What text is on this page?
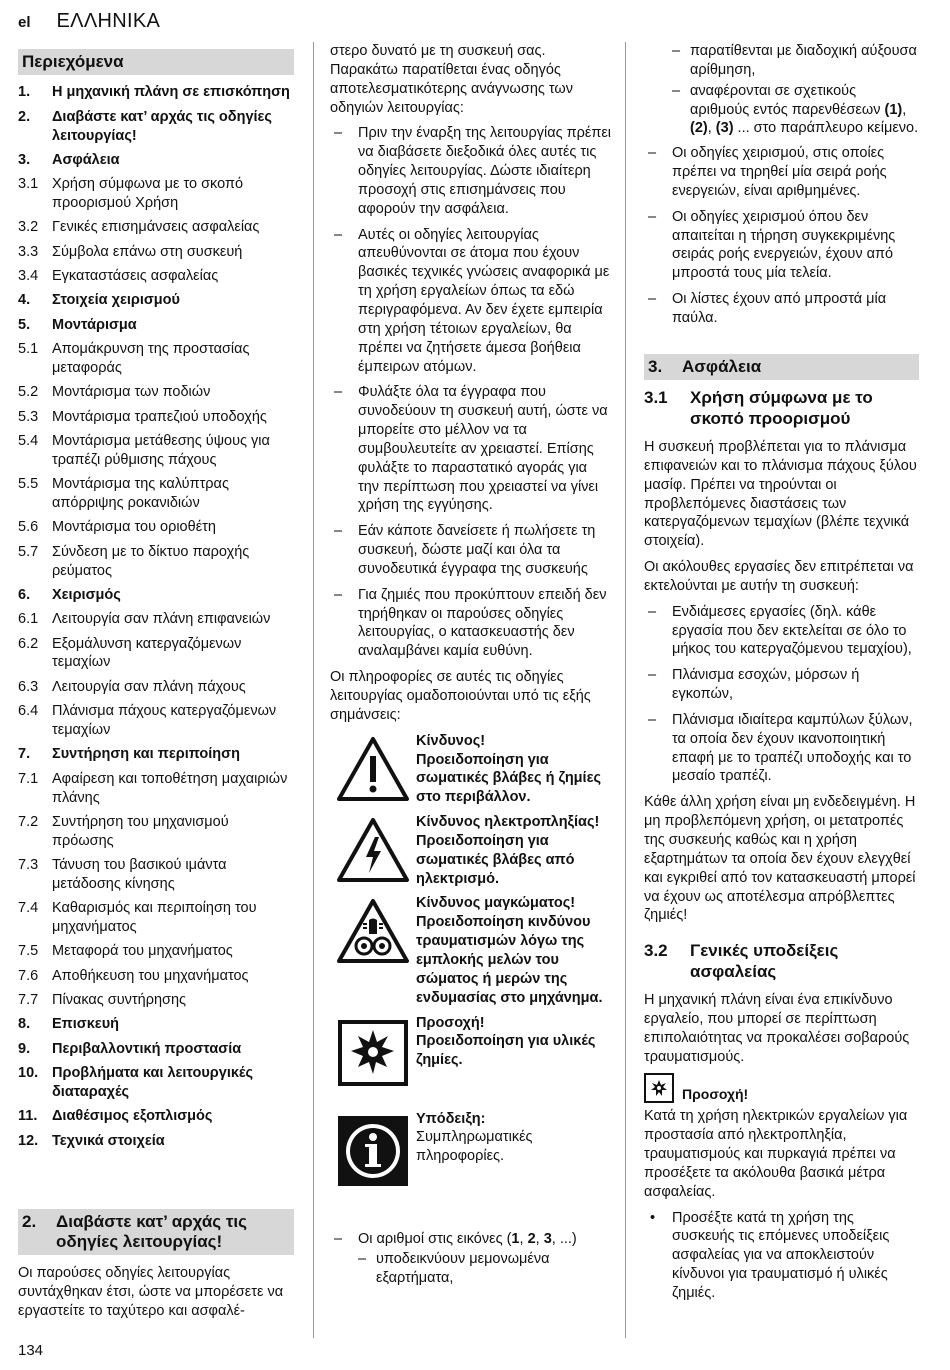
el ΕΛΛΗΝΙΚΑ
Περιεχόμενα
1.	Η μηχανική πλάνη σε επισκόπηση
2.	Διαβάστε κατ’ αρχάς τις οδηγίες λειτουργίας!
3.	Ασφάλεια
3.1 Χρήση σύμφωνα με το σκοπό προορισμού Χρήση
3.2 Γενικές επισημάνσεις ασφαλείας
3.3 Σύμβολα επάνω στη συσκευή
3.4 Εγκαταστάσεις ασφαλείας
4.	Στοιχεία χειρισμού
5.	Μοντάρισμα
5.1 Απομάκρυνση της προστασίας μεταφοράς
5.2 Μοντάρισμα των ποδιών
5.3 Μοντάρισμα τραπεζιού υποδοχής
5.4 Μοντάρισμα μετάθεσης ύψους για τραπέζι ρύθμισης πάχους
5.5 Μοντάρισμα της καλύπτρας απόρριψης ροκανιδιών
5.6 Μοντάρισμα του οριοθέτη
5.7 Σύνδεση με το δίκτυο παροχής ρεύματος
6.	Χειρισμός
6.1 Λειτουργία σαν πλάνη επιφανειών
6.2 Εξομάλυνση κατεργαζόμενων τεμαχίων
6.3 Λειτουργία σαν πλάνη πάχους
6.4 Πλάνισμα πάχους κατεργαζόμενων τεμαχίων
7.	Συντήρηση και περιποίηση
7.1 Αφαίρεση και τοποθέτηση μαχαιριών πλάνης
7.2 Συντήρηση του μηχανισμού πρόωσης
7.3 Τάνυση του βασικού ιμάντα μετάδοσης κίνησης
7.4 Καθαρισμός και περιποίηση του μηχανήματος
7.5 Μεταφορά του μηχανήματος
7.6 Αποθήκευση του μηχανήματος
7.7 Πίνακας συντήρησης
8.	Επισκευή
9.	Περιβαλλοντική προστασία
10. Προβλήματα και λειτουργικές διαταραχές
11.	Διαθέσιμος εξοπλισμός
12. Τεχνικά στοιχεία
2.	Διαβάστε κατ’ αρχάς τις οδηγίες λειτουργίας!

Οι παρούσες οδηγίες λειτουργίας συντάχθηκαν έτσι, ώστε να μπορέσετε να εργαστείτε το ταχύτερο και ασφαλέ-

στερο δυνατό με τη συσκευή σας. Παρακάτω παρατίθεται ένας οδηγός αποτελεσματικότερης ανάγνωσης των οδηγιών λειτουργίας:

– Πριν την έναρξη της λειτουργίας πρέπει να διαβάσετε διεξοδικά όλες αυτές τις οδηγίες λειτουργίας. Δώστε ιδιαίτερη προσοχή στις επισημάνσεις που αφορούν την ασφάλεια.
– Αυτές οι οδηγίες λειτουργίας απευθύνονται σε άτομα που έχουν βασικές τεχνικές γνώσεις αναφορικά με τη χρήση εργαλείων όπως τα εδώ περιγραφόμενα. Αν δεν έχετε εμπειρία στη χρήση τέτοιων εργαλείων, θα πρέπει να ζητήσετε άμεσα βοήθεια έμπειρων ατόμων.
– Φυλάξτε όλα τα έγγραφα που συνοδεύουν τη συσκευή αυτή, ώστε να μπορείτε στο μέλλον να τα συμβουλευτείτε αν χρειαστεί. Επίσης φυλάξτε το παραστατικό αγοράς για την περίπτωση που χρειαστεί να γίνει χρήση της εγγύησης.
– Εάν κάποτε δανείσετε ή πωλήσετε τη συσκευή, δώστε μαζί και όλα τα συνοδευτικά έγγραφα της συσκευής
– Για ζημιές που προκύπτουν επειδή δεν τηρήθηκαν οι παρούσες οδηγίες λειτουργίας, ο κατασκευαστής δεν αναλαμβάνει καμία ευθύνη.

Οι πληροφορίες σε αυτές τις οδηγίες λειτουργίας ομαδοποιούνται υπό τις εξής σημάνσεις:

Κίνδυνος!
Προειδοποίηση για σωματικές βλάβες ή ζημίες στο περιβάλλον.
Κίνδυνος ηλεκτροπληξίας!
Προειδοποίηση για σωματικές βλάβες από ηλεκτρισμό.
Κίνδυνος μαγκώματος!
Προειδοποίηση κινδύνου τραυματισμών λόγω της εμπλοκής μελών του σώματος ή μερών της ενδυμασίας στο μηχάνημα.
Προσοχή!
Προειδοποίηση για υλικές ζημίες.
Υπόδειξη:
Συμπληρωματικές πληροφορίες.
– Οι αριθμοί στις εικόνες (1, 2, 3, ...)
– υποδεικνύουν μεμονωμένα εξαρτήματα,
– παρατίθενται με διαδοχική αύξουσα αρίθμηση,
– αναφέρονται σε σχετικούς αριθμούς εντός παρενθέσεων (1), (2), (3) ... στο παράπλευρο κείμενο.
– Οι οδηγίες χειρισμού, στις οποίες πρέπει να τηρηθεί μία σειρά ροής ενεργειών, είναι αριθμημένες.
– Οι οδηγίες χειρισμού όπου δεν απαιτείται η τήρηση συγκεκριμένης σειράς ροής ενεργειών, έχουν από μπροστά τους μία τελεία.
– Οι λίστες έχουν από μπροστά μία παύλα.
3.	Ασφάλεια
3.1	Χρήση σύμφωνα με το σκοπό προορισμού

Η συσκευή προβλέπεται για το πλάνισμα επιφανειών και το πλάνισμα πάχους ξύλου μασίφ. Πρέπει να τηρούνται οι προβλεπόμενες διαστάσεις των κατεργαζόμενων τεμαχίων (βλέπε τεχνικά στοιχεία).

Οι ακόλουθες εργασίες δεν επιτρέπεται να εκτελούνται με αυτήν τη συσκευή:

– Ενδιάμεσες εργασίες (δηλ. κάθε εργασία που δεν εκτελείται σε όλο το μήκος του κατεργαζόμενου τεμαχίου),
– Πλάνισμα εσοχών, μόρσων ή εγκοπών,
– Πλάνισμα ιδιαίτερα καμπύλων ξύλων, τα οποία δεν έχουν ικανοποιητική επαφή με το τραπέζι υποδοχής και το μεσαίο τραπέζι.

Κάθε άλλη χρήση είναι μη ενδεδειγμένη. Η μη προβλεπόμενη χρήση, οι μετατροπές της συσκευής καθώς και η χρήση εξαρτημάτων τα οποία δεν έχουν ελεγχθεί και εγκριθεί από τον κατασκευαστή μπορεί να έχουν ως αποτέλεσμα απρόβλεπτες ζημιές!

3.2	Γενικές υποδείξεις ασφαλείας

Η μηχανική πλάνη είναι ένα επικίνδυνο εργαλείο, που μπορεί σε περίπτωση επιπολαιότητας να προκαλέσει σοβαρούς τραυματισμούς.

Προσοχή!

Κατά τη χρήση ηλεκτρικών εργαλείων για προστασία από ηλεκτροπληξία, τραυματισμούς και πυρκαγιά πρέπει να προσέξετε τα ακόλουθα βασικά μέτρα ασφαλείας.

• Προσέξτε κατά τη χρήση της συσκευής τις επόμενες υποδείξεις ασφαλείας για να αποκλειστούν κίνδυνοι για τραυματισμό ή υλικές ζημιές.
134
